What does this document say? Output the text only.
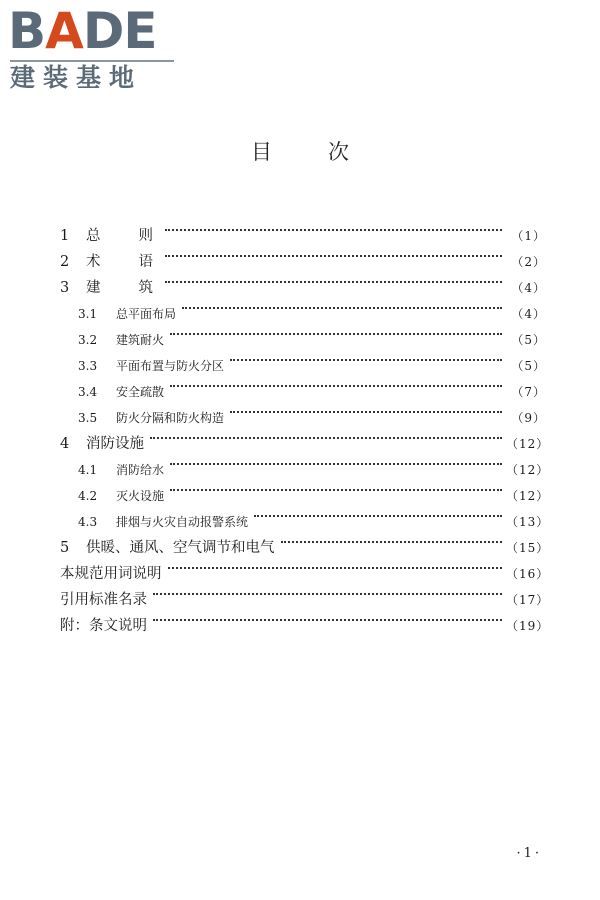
BADE
建装基地
目次
1	总则	（1）
2	术语	（2）
3	建筑	（4）
3.1	总平面布局	（4）
3.2	建筑耐火	（5）
3.3	平面布置与防火分区	（5）
3.4	安全疏散	（7）
3.5	防火分隔和防火构造	（9）
4	消防设施	（12）
4.1	消防给水	（12）
4.2	灭火设施	（12）
4.3	排烟与火灾自动报警系统	（13）
5	供暖、通风、空气调节和电气	（15）
本规范用词说明	（16）
引用标准名录	（17）
附：条文说明	（19）
·1·
